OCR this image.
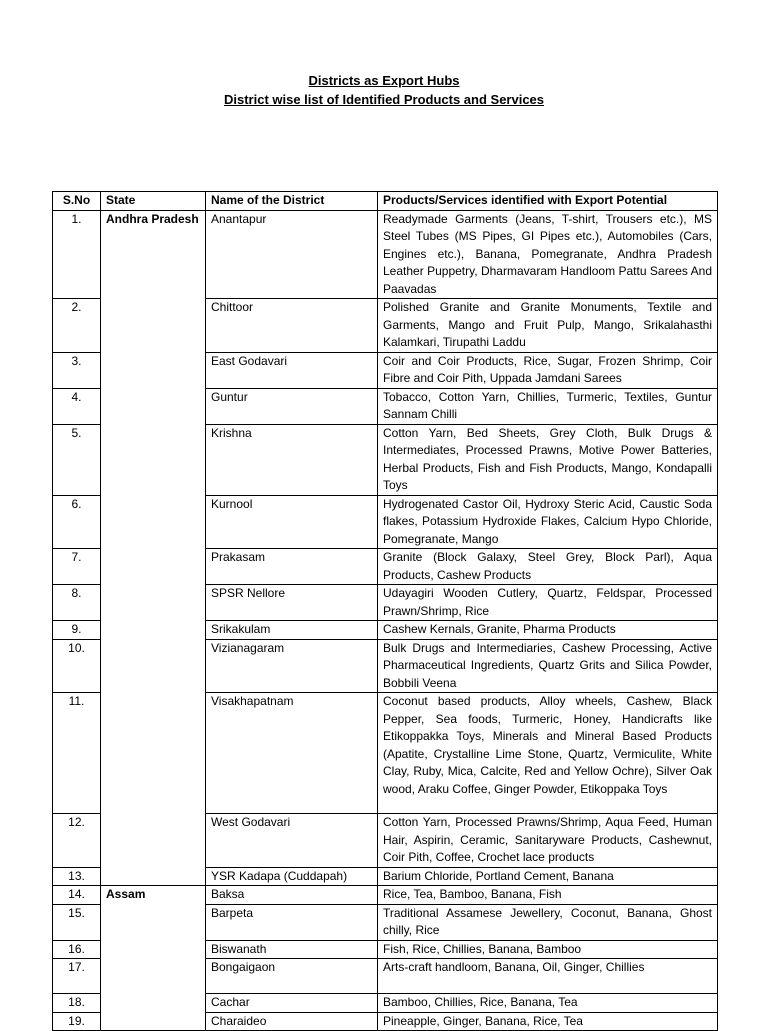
Districts as Export Hubs
District wise list of Identified Products and Services
S.No	State	Name of the District	Products/Services identified with Export Potential
1.	Andhra Pradesh	Anantapur	Readymade Garments (Jeans, T-shirt, Trousers etc.), MS Steel Tubes (MS Pipes, GI Pipes etc.), Automobiles (Cars, Engines etc.), Banana, Pomegranate, Andhra Pradesh Leather Puppetry, Dharmavaram Handloom Pattu Sarees And Paavadas
2.		Chittoor	Polished Granite and Granite Monuments, Textile and Garments, Mango and Fruit Pulp, Mango, Srikalahasthi Kalamkari, Tirupathi Laddu
3.		East Godavari	Coir and Coir Products, Rice, Sugar, Frozen Shrimp, Coir Fibre and Coir Pith, Uppada Jamdani Sarees
4.		Guntur	Tobacco, Cotton Yarn, Chillies, Turmeric, Textiles, Guntur Sannam Chilli
5.		Krishna	Cotton Yarn, Bed Sheets, Grey Cloth, Bulk Drugs & Intermediates, Processed Prawns, Motive Power Batteries, Herbal Products, Fish and Fish Products, Mango, Kondapalli Toys
6.		Kurnool	Hydrogenated Castor Oil, Hydroxy Steric Acid, Caustic Soda flakes, Potassium Hydroxide Flakes, Calcium Hypo Chloride, Pomegranate, Mango
7.		Prakasam	Granite (Block Galaxy, Steel Grey, Block Parl), Aqua Products, Cashew Products
8.		SPSR Nellore	Udayagiri Wooden Cutlery, Quartz, Feldspar, Processed Prawn/Shrimp, Rice
9.		Srikakulam	Cashew Kernals, Granite, Pharma Products
10.		Vizianagaram	Bulk Drugs and Intermediaries, Cashew Processing, Active Pharmaceutical Ingredients, Quartz Grits and Silica Powder, Bobbili Veena
11.		Visakhapatnam	Coconut based products, Alloy wheels, Cashew, Black Pepper, Sea foods, Turmeric, Honey, Handicrafts like Etikoppakka Toys, Minerals and Mineral Based Products (Apatite, Crystalline Lime Stone, Quartz, Vermiculite, White Clay, Ruby, Mica, Calcite, Red and Yellow Ochre), Silver Oak wood, Araku Coffee, Ginger Powder, Etikoppaka Toys
12.		West Godavari	Cotton Yarn, Processed Prawns/Shrimp, Aqua Feed, Human Hair, Aspirin, Ceramic, Sanitaryware Products, Cashewnut, Coir Pith, Coffee, Crochet lace products
13.		YSR Kadapa (Cuddapah)	Barium Chloride, Portland Cement, Banana
14.	Assam	Baksa	Rice, Tea, Bamboo, Banana, Fish
15.		Barpeta	Traditional Assamese Jewellery, Coconut, Banana, Ghost chilly, Rice
16.		Biswanath	Fish, Rice, Chillies, Banana, Bamboo
17.		Bongaigaon	Arts-craft handloom, Banana, Oil, Ginger, Chillies
18.		Cachar	Bamboo, Chillies, Rice, Banana, Tea
19.		Charaideo	Pineapple, Ginger, Banana, Rice, Tea
